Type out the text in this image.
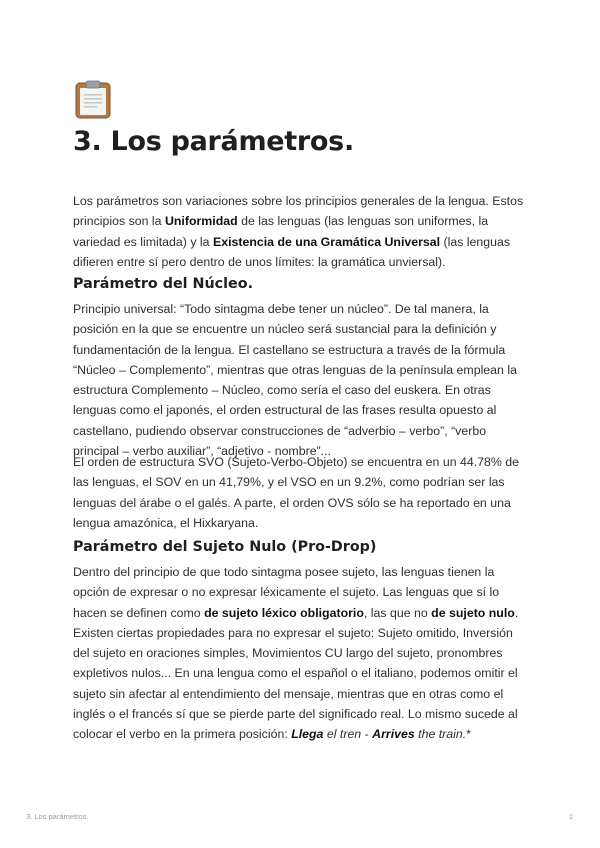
3. Los parámetros.

Los parámetros son variaciones sobre los principios generales de la lengua. Estos principios son la Uniformidad de las lenguas (las lenguas son uniformes, la variedad es limitada) y la Existencia de una Gramática Universal (las lenguas difieren entre sí pero dentro de unos límites: la gramática unviersal).

Parámetro del Núcleo.

Principio universal: “Todo sintagma debe tener un núcleo”. De tal manera, la posición en la que se encuentre un núcleo será sustancial para la definición y fundamentación de la lengua. El castellano se estructura a través de la fórmula “Núcleo – Complemento”, mientras que otras lenguas de la península emplean la estructura Complemento – Núcleo, como sería el caso del euskera. En otras lenguas como el japonés, el orden estructural de las frases resulta opuesto al castellano, pudiendo observar construcciones de “adverbio – verbo”, “verbo principal – verbo auxiliar”, “adjetivo - nombre”...

El orden de estructura SVO (Sujeto-Verbo-Objeto) se encuentra en un 44.78% de las lenguas, el SOV en un 41,79%, y el VSO en un 9.2%, como podrían ser las lenguas del árabe o el galés. A parte, el orden OVS sólo se ha reportado en una lengua amazónica, el Hixkaryana.

Parámetro del Sujeto Nulo (Pro-Drop)

Dentro del principio de que todo sintagma posee sujeto, las lenguas tienen la opción de expresar o no expresar léxicamente el sujeto. Las lenguas que sí lo hacen se definen como de sujeto léxico obligatorio, las que no de sujeto nulo. Existen ciertas propiedades para no expresar el sujeto: Sujeto omitido, Inversión del sujeto en oraciones simples, Movimientos CU largo del sujeto, pronombres expletivos nulos... En una lengua como el español o el italiano, podemos omitir el sujeto sin afectar al entendimiento del mensaje, mientras que en otras como el inglés o el francés sí que se pierde parte del significado real. Lo mismo sucede al colocar el verbo en la primera posición: Llega el tren - Arrives the train.*

3. Los parámetros.	1
